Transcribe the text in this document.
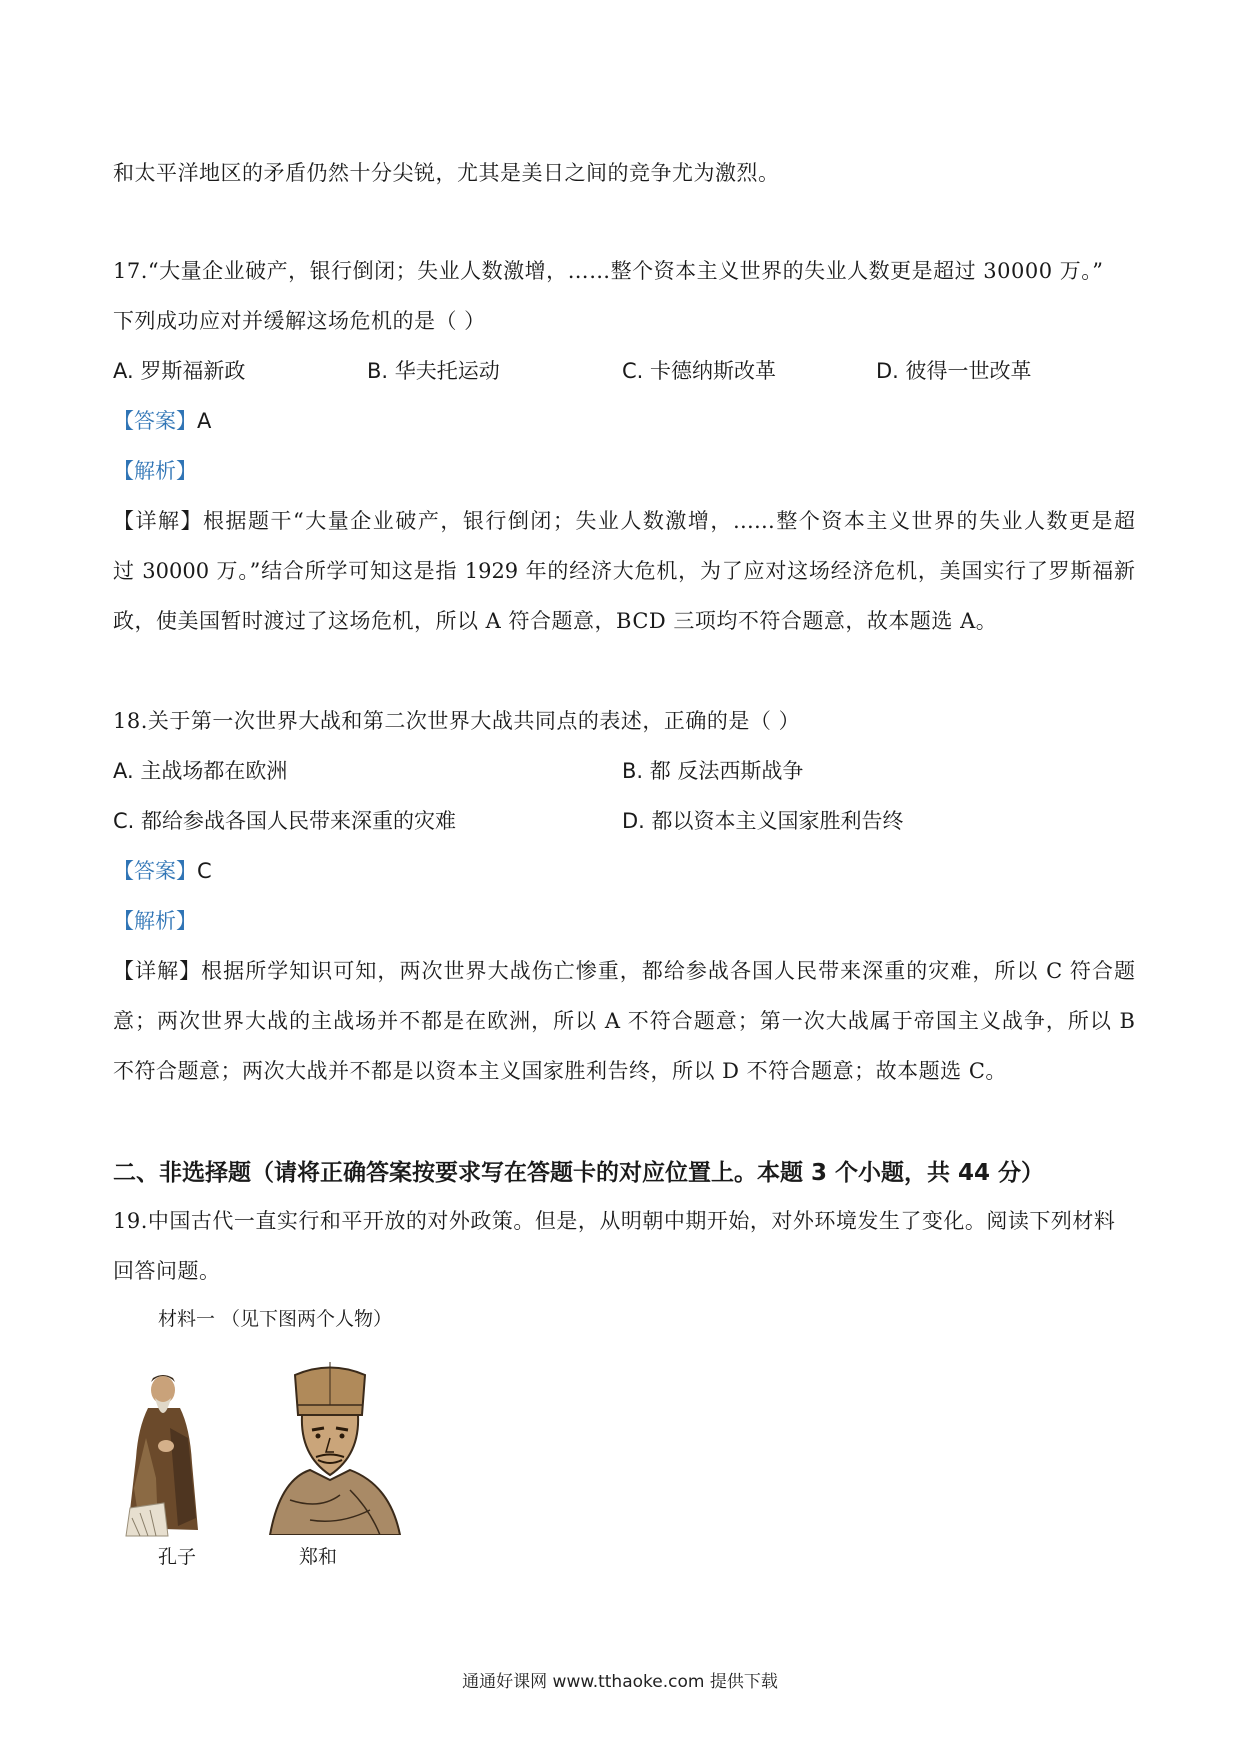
和太平洋地区的矛盾仍然十分尖锐，尤其是美日之间的竞争尤为激烈。
17.“大量企业破产，银行倒闭；失业人数激增，……整个资本主义世界的失业人数更是超过 30000 万。”
下列成功应对并缓解这场危机的是（ ）
A. 罗斯福新政	B. 华夫托运动	C. 卡德纳斯改革	D. 彼得一世改革
【答案】A
【解析】
【详解】根据题干“大量企业破产，银行倒闭；失业人数激增，……整个资本主义世界的失业人数更是超
过 30000 万。”结合所学可知这是指 1929 年的经济大危机，为了应对这场经济危机，美国实行了罗斯福新
政，使美国暂时渡过了这场危机，所以 A 符合题意，BCD 三项均不符合题意，故本题选 A。
18.关于第一次世界大战和第二次世界大战共同点的表述，正确的是（ ）
A. 主战场都在欧洲	B. 都 反法西斯战争
C. 都给参战各国人民带来深重的灾难	D. 都以资本主义国家胜利告终
【答案】C
【解析】
【详解】根据所学知识可知，两次世界大战伤亡惨重，都给参战各国人民带来深重的灾难，所以 C 符合题
意；两次世界大战的主战场并不都是在欧洲，所以 A 不符合题意；第一次大战属于帝国主义战争，所以 B
不符合题意；两次大战并不都是以资本主义国家胜利告终，所以 D 不符合题意；故本题选 C。
二、非选择题（请将正确答案按要求写在答题卡的对应位置上。本题 3 个小题，共 44 分）
19.中国古代一直实行和平开放的对外政策。但是，从明朝中期开始，对外环境发生了变化。阅读下列材料
回答问题。
材料一 （见下图两个人物）
孔子	郑和
通通好课网 www.tthaoke.com 提供下载
